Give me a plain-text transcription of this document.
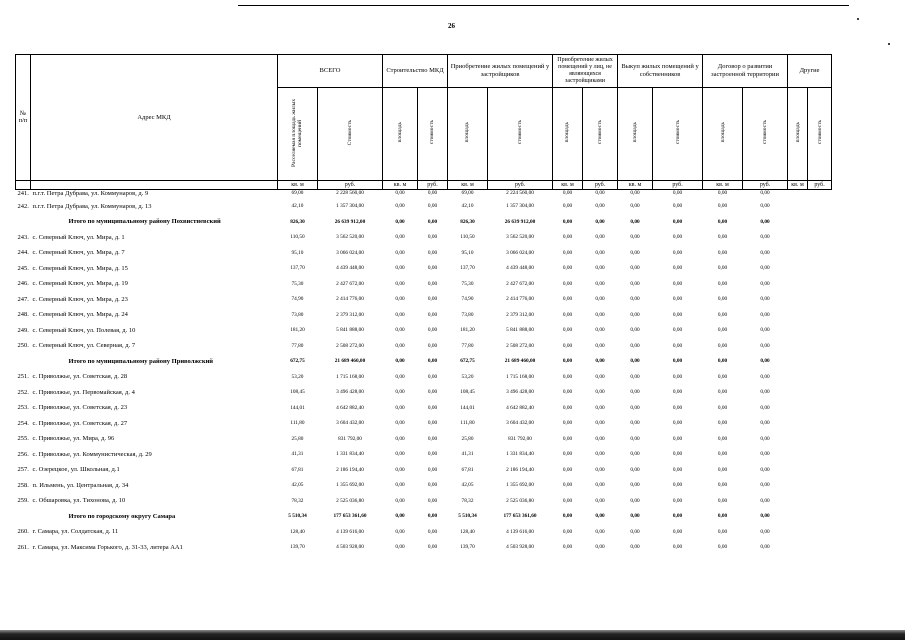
26
№ п/п	Адрес МКД	ВСЕГО		Строительство МКД		Приобретение жилых помещений у застройщиков		Приобретение жилых помещений у лиц, не являющихся застройщиками		Выкуп жилых помещений у собственников		Договор о развитии застроенной территории		Другие	
		Расселяемая площадь жилых помещений	Стоимость	площадь	стоимость	площадь	стоимость	площадь	стоимость	площадь	стоимость	площадь	стоимость	площадь	стоимость
		кв. м	руб.	кв. м	руб.	кв. м	руб.	кв. м	руб.	кв. м	руб.	кв. м	руб.	кв. м	руб.
241.	п.г.т. Петра Дубрава, ул. Коммунаров, д. 9	69,00	2 228 560,00	0,00	0,00	69,00	2 224 560,00	0,00	0,00	0,00	0,00	0,00	0,00		
242.	п.г.т. Петра Дубрава, ул. Коммунаров, д. 13	42,10	1 357 304,00	0,00	0,00	42,10	1 357 304,00	0,00	0,00	0,00	0,00	0,00	0,00		
	Итого по муниципальному району Похвистневский	826,30	26 639 912,00	0,00	0,00	826,30	26 639 912,00	0,00	0,00	0,00	0,00	0,00	0,00		
243.	с. Северный Ключ, ул. Мира, д. 1	110,50	3 562 520,00	0,00	0,00	110,50	3 562 520,00	0,00	0,00	0,00	0,00	0,00	0,00		
244.	с. Северный Ключ, ул. Мира, д. 7	95,10	3 066 024,00	0,00	0,00	95,10	3 066 024,00	0,00	0,00	0,00	0,00	0,00	0,00		
245.	с. Северный Ключ, ул. Мира, д. 15	137,70	4 439 448,00	0,00	0,00	137,70	4 439 448,00	0,00	0,00	0,00	0,00	0,00	0,00		
246.	с. Северный Ключ, ул. Мира, д. 19	75,30	2 427 672,00	0,00	0,00	75,30	2 427 672,00	0,00	0,00	0,00	0,00	0,00	0,00		
247.	с. Северный Ключ, ул. Мира, д. 23	74,90	2 414 776,00	0,00	0,00	74,90	2 414 776,00	0,00	0,00	0,00	0,00	0,00	0,00		
248.	с. Северный Ключ, ул. Мира, д. 24	73,80	2 379 312,00	0,00	0,00	73,80	2 379 312,00	0,00	0,00	0,00	0,00	0,00	0,00		
249.	с. Северный Ключ, ул. Полевая, д. 10	181,20	5 841 888,00	0,00	0,00	181,20	5 841 888,00	0,00	0,00	0,00	0,00	0,00	0,00		
250.	с. Северный Ключ, ул. Северная, д. 7	77,80	2 508 272,00	0,00	0,00	77,80	2 508 272,00	0,00	0,00	0,00	0,00	0,00	0,00		
	Итого по муниципальному району Приволжский	672,75	21 689 460,00	0,00	0,00	672,75	21 689 460,00	0,00	0,00	0,00	0,00	0,00	0,00		
251.	с. Приволжье, ул. Советская, д. 28	53,20	1 715 168,00	0,00	0,00	53,20	1 715 168,00	0,00	0,00	0,00	0,00	0,00	0,00		
252.	с. Приволжье, ул. Первомайская, д. 4	108,45	3 496 428,00	0,00	0,00	108,45	3 496 428,00	0,00	0,00	0,00	0,00	0,00	0,00		
253.	с. Приволжье, ул. Советская, д. 23	144,01	4 642 882,40	0,00	0,00	144,01	4 642 882,40	0,00	0,00	0,00	0,00	0,00	0,00		
254.	с. Приволжье, ул. Советская, д. 27	111,80	3 604 432,00	0,00	0,00	111,80	3 604 432,00	0,00	0,00	0,00	0,00	0,00	0,00		
255.	с. Приволжье, ул. Мира, д. 96	25,80	831 792,00	0,00	0,00	25,80	831 792,00	0,00	0,00	0,00	0,00	0,00	0,00		
256.	с. Приволжье, ул. Коммунистическая, д. 29	41,31	1 331 834,40	0,00	0,00	41,31	1 331 834,40	0,00	0,00	0,00	0,00	0,00	0,00		
257.	с. Озерецкое, ул. Школьная, д.1	67,81	2 186 194,40	0,00	0,00	67,81	2 186 194,40	0,00	0,00	0,00	0,00	0,00	0,00		
258.	п. Ильмень, ул. Центральная, д. 34	42,05	1 355 692,00	0,00	0,00	42,05	1 355 692,00	0,00	0,00	0,00	0,00	0,00	0,00		
259.	с. Обшаровка, ул. Тихонова, д. 10	78,32	2 525 036,80	0,00	0,00	78,32	2 525 036,80	0,00	0,00	0,00	0,00	0,00	0,00		
	Итого по городскому округу Самара	5 510,34	177 653 361,60	0,00	0,00	5 510,34	177 653 361,60	0,00	0,00	0,00	0,00	0,00	0,00		
260.	г. Самара, ул. Солдатская, д. 11	128,40	4 139 616,00	0,00	0,00	128,40	4 139 616,00	0,00	0,00	0,00	0,00	0,00	0,00		
261.	г. Самара, ул. Максима Горького, д. 31-33, литера АА1	139,70	4 503 928,00	0,00	0,00	139,70	4 503 928,00	0,00	0,00	0,00	0,00	0,00	0,00		
